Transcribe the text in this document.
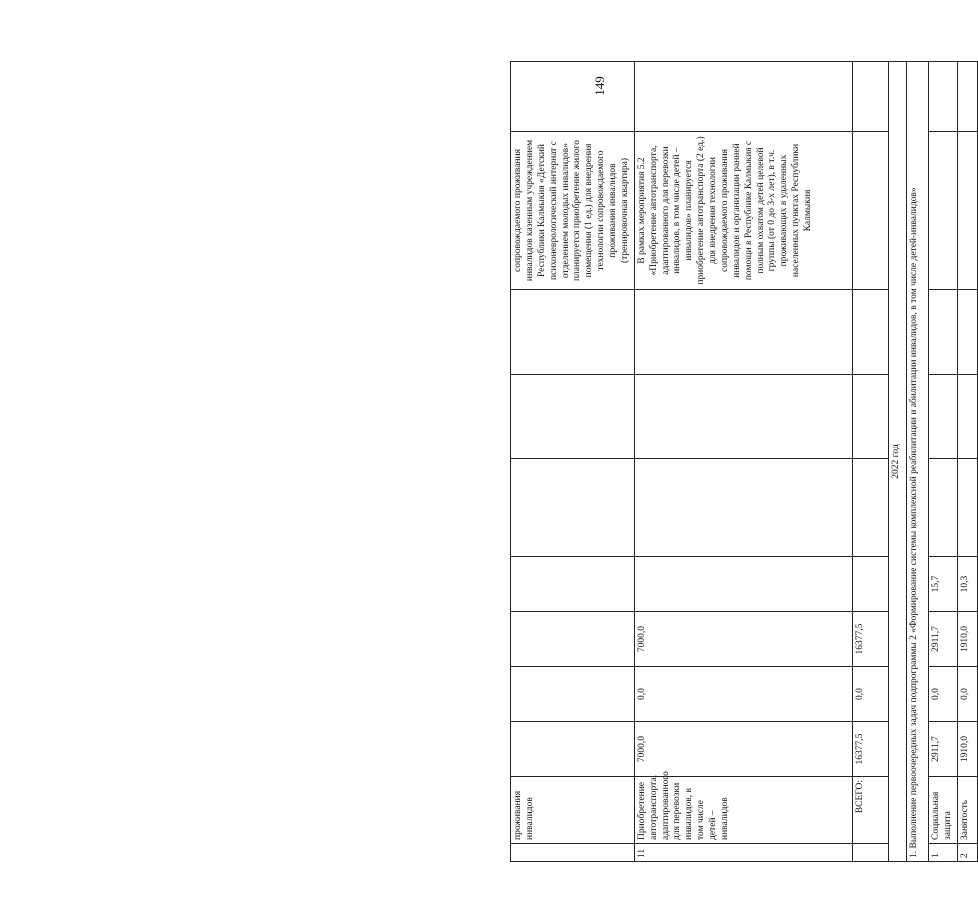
149
	проживания инвалидов								сопровождаемого проживания инвалидов казенным учреждением Республики Калмыкия «Детский психоневрологический интернат с отделением молодых инвалидов» планируется приобретение жилого помещения (1 ед.) для внедрения технологии сопровождаемого проживания инвалидов (тренировочная квартира)	
11	Приобретение автотранспорта, адаптированного для перевозки инвалидов, в том числе детей – инвалидов	7000,0	0,0	7000,0					В рамках мероприятия 5.2 «Приобретение автотранспорта, адаптированного для перевозки инвалидов, в том числе детей – инвалидов» планируется приобретение автотранспорта (2 ед.) для внедрения технологии сопровождаемого проживания инвалидов и организации ранней помощи в Республике Калмыкия с полным охватом детей целевой группы (от 0 до 3-х лет), в т.ч. проживающих в удаленных населенных пунктах Республики Калмыкия	
	ВСЕГО:	16377,5	0,0	16377,5						
2022 год										
1. Выполнение первоочередных задач подпрограммы 2 «Формирование системы комплексной реабилитации и абилитации инвалидов, в том числе детей-инвалидов»										
1	Социальная защита	2911,7	0,0	2911,7	15,7					
2	Занятость	1910,0	0,0	1910,0	10,3					
